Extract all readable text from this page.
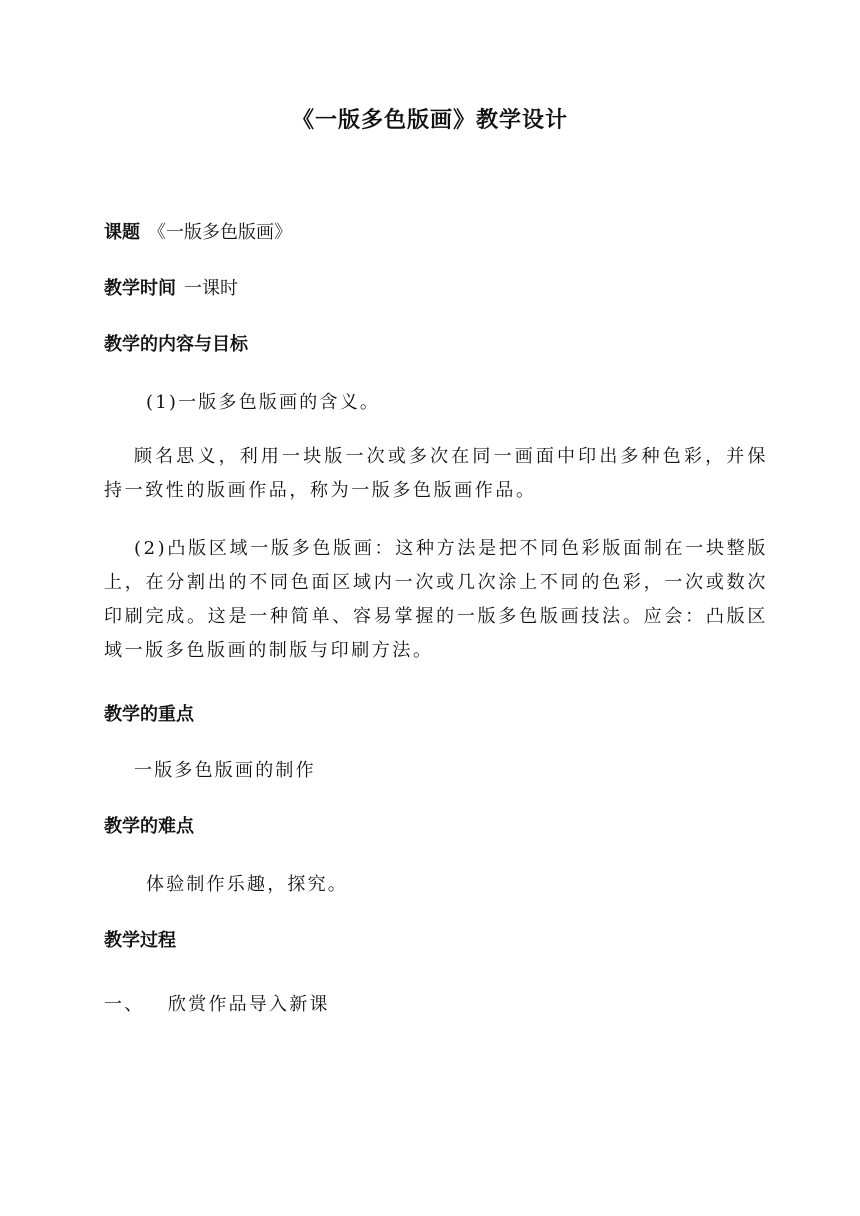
《一版多色版画》教学设计
课题 《一版多色版画》
教学时间 一课时
教学的内容与目标
(1)一版多色版画的含义。
顾名思义，利用一块版一次或多次在同一画面中印出多种色彩，并保持一致性的版画作品，称为一版多色版画作品。
(2)凸版区域一版多色版画：这种方法是把不同色彩版面制在一块整版上，在分割出的不同色面区域内一次或几次涂上不同的色彩，一次或数次印刷完成。这是一种简单、容易掌握的一版多色版画技法。应会：凸版区域一版多色版画的制版与印刷方法。
教学的重点
一版多色版画的制作
教学的难点
体验制作乐趣，探究。
教学过程
一、 欣赏作品导入新课
